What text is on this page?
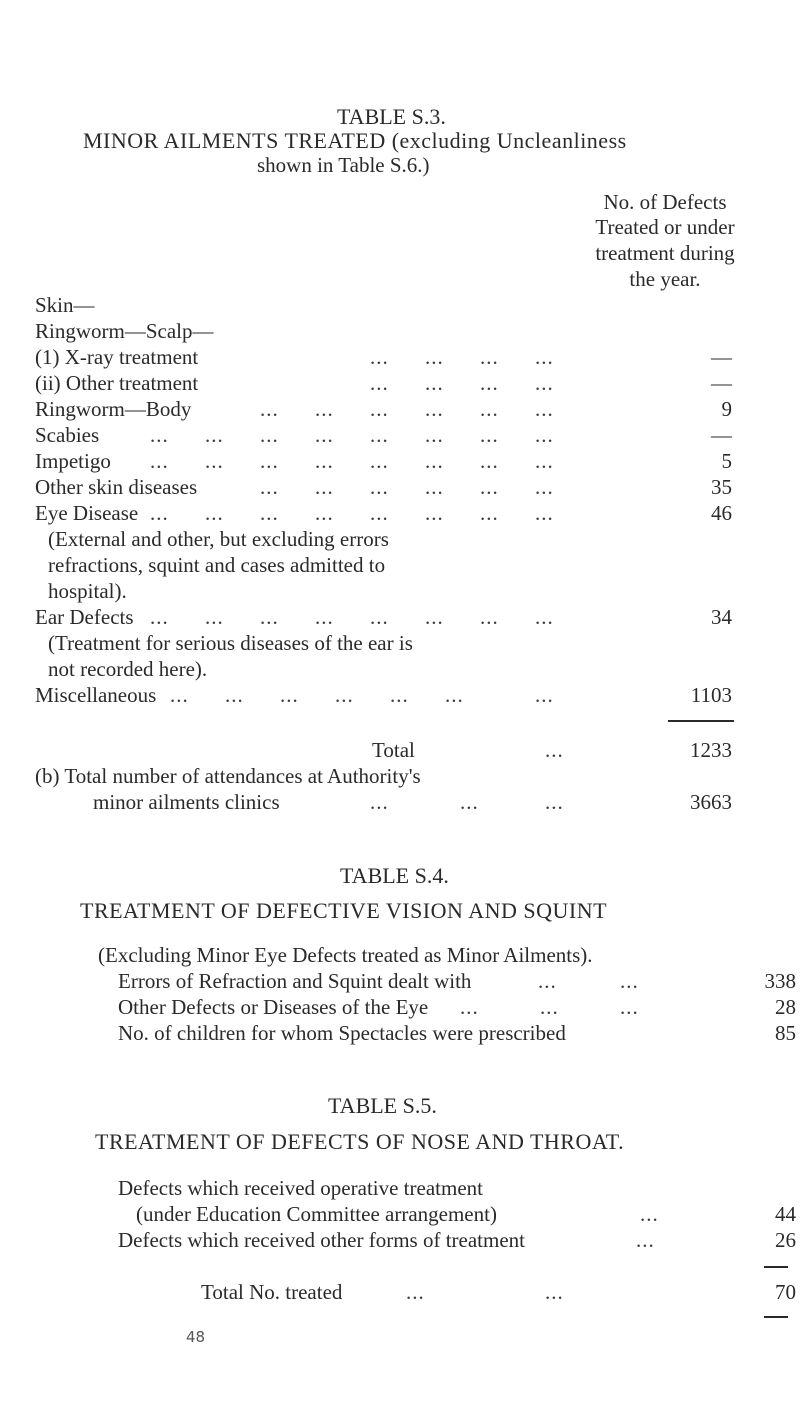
TABLE S.3.
MINOR AILMENTS TREATED (excluding Uncleanliness
shown in Table S.6.)
No. of Defects
Treated or under
treatment during
the year.
Skin—
Ringworm—Scalp—
(1) X-ray treatment	... ... ... ...	—
(ii) Other treatment	... ... ... ...	—
Ringworm—Body	... ... ... ... ... ...	9
Scabies ... ... ... ... ... ... ... ...	—
Impetigo ... ... ... ... ... ... ... ...	5
Other skin diseases	... ... ... ... ... ...	35
Eye Disease ... ... ... ... ... ... ... ...	46
(External and other, but excluding errors
refractions, squint and cases admitted to
hospital).
Ear Defects ... ... ... ... ... ... ... ...	34
(Treatment for serious diseases of the ear is
not recorded here).
Miscellaneous ... ... ... ... ... ...	...	1103
Total	...	1233
(b) Total number of attendances at Authority's
minor ailments clinics	...	...	...	3663
TABLE S.4.
TREATMENT OF DEFECTIVE VISION AND SQUINT
(Excluding Minor Eye Defects treated as Minor Ailments).
Errors of Refraction and Squint dealt with	...	...	338
Other Defects or Diseases of the Eye ...	...	...	28
No. of children for whom Spectacles were prescribed	85
TABLE S.5.
TREATMENT OF DEFECTS OF NOSE AND THROAT.
Defects which received operative treatment
(under Education Committee arrangement)	...	44
Defects which received other forms of treatment	...	26
Total No. treated	...	...	70
48
